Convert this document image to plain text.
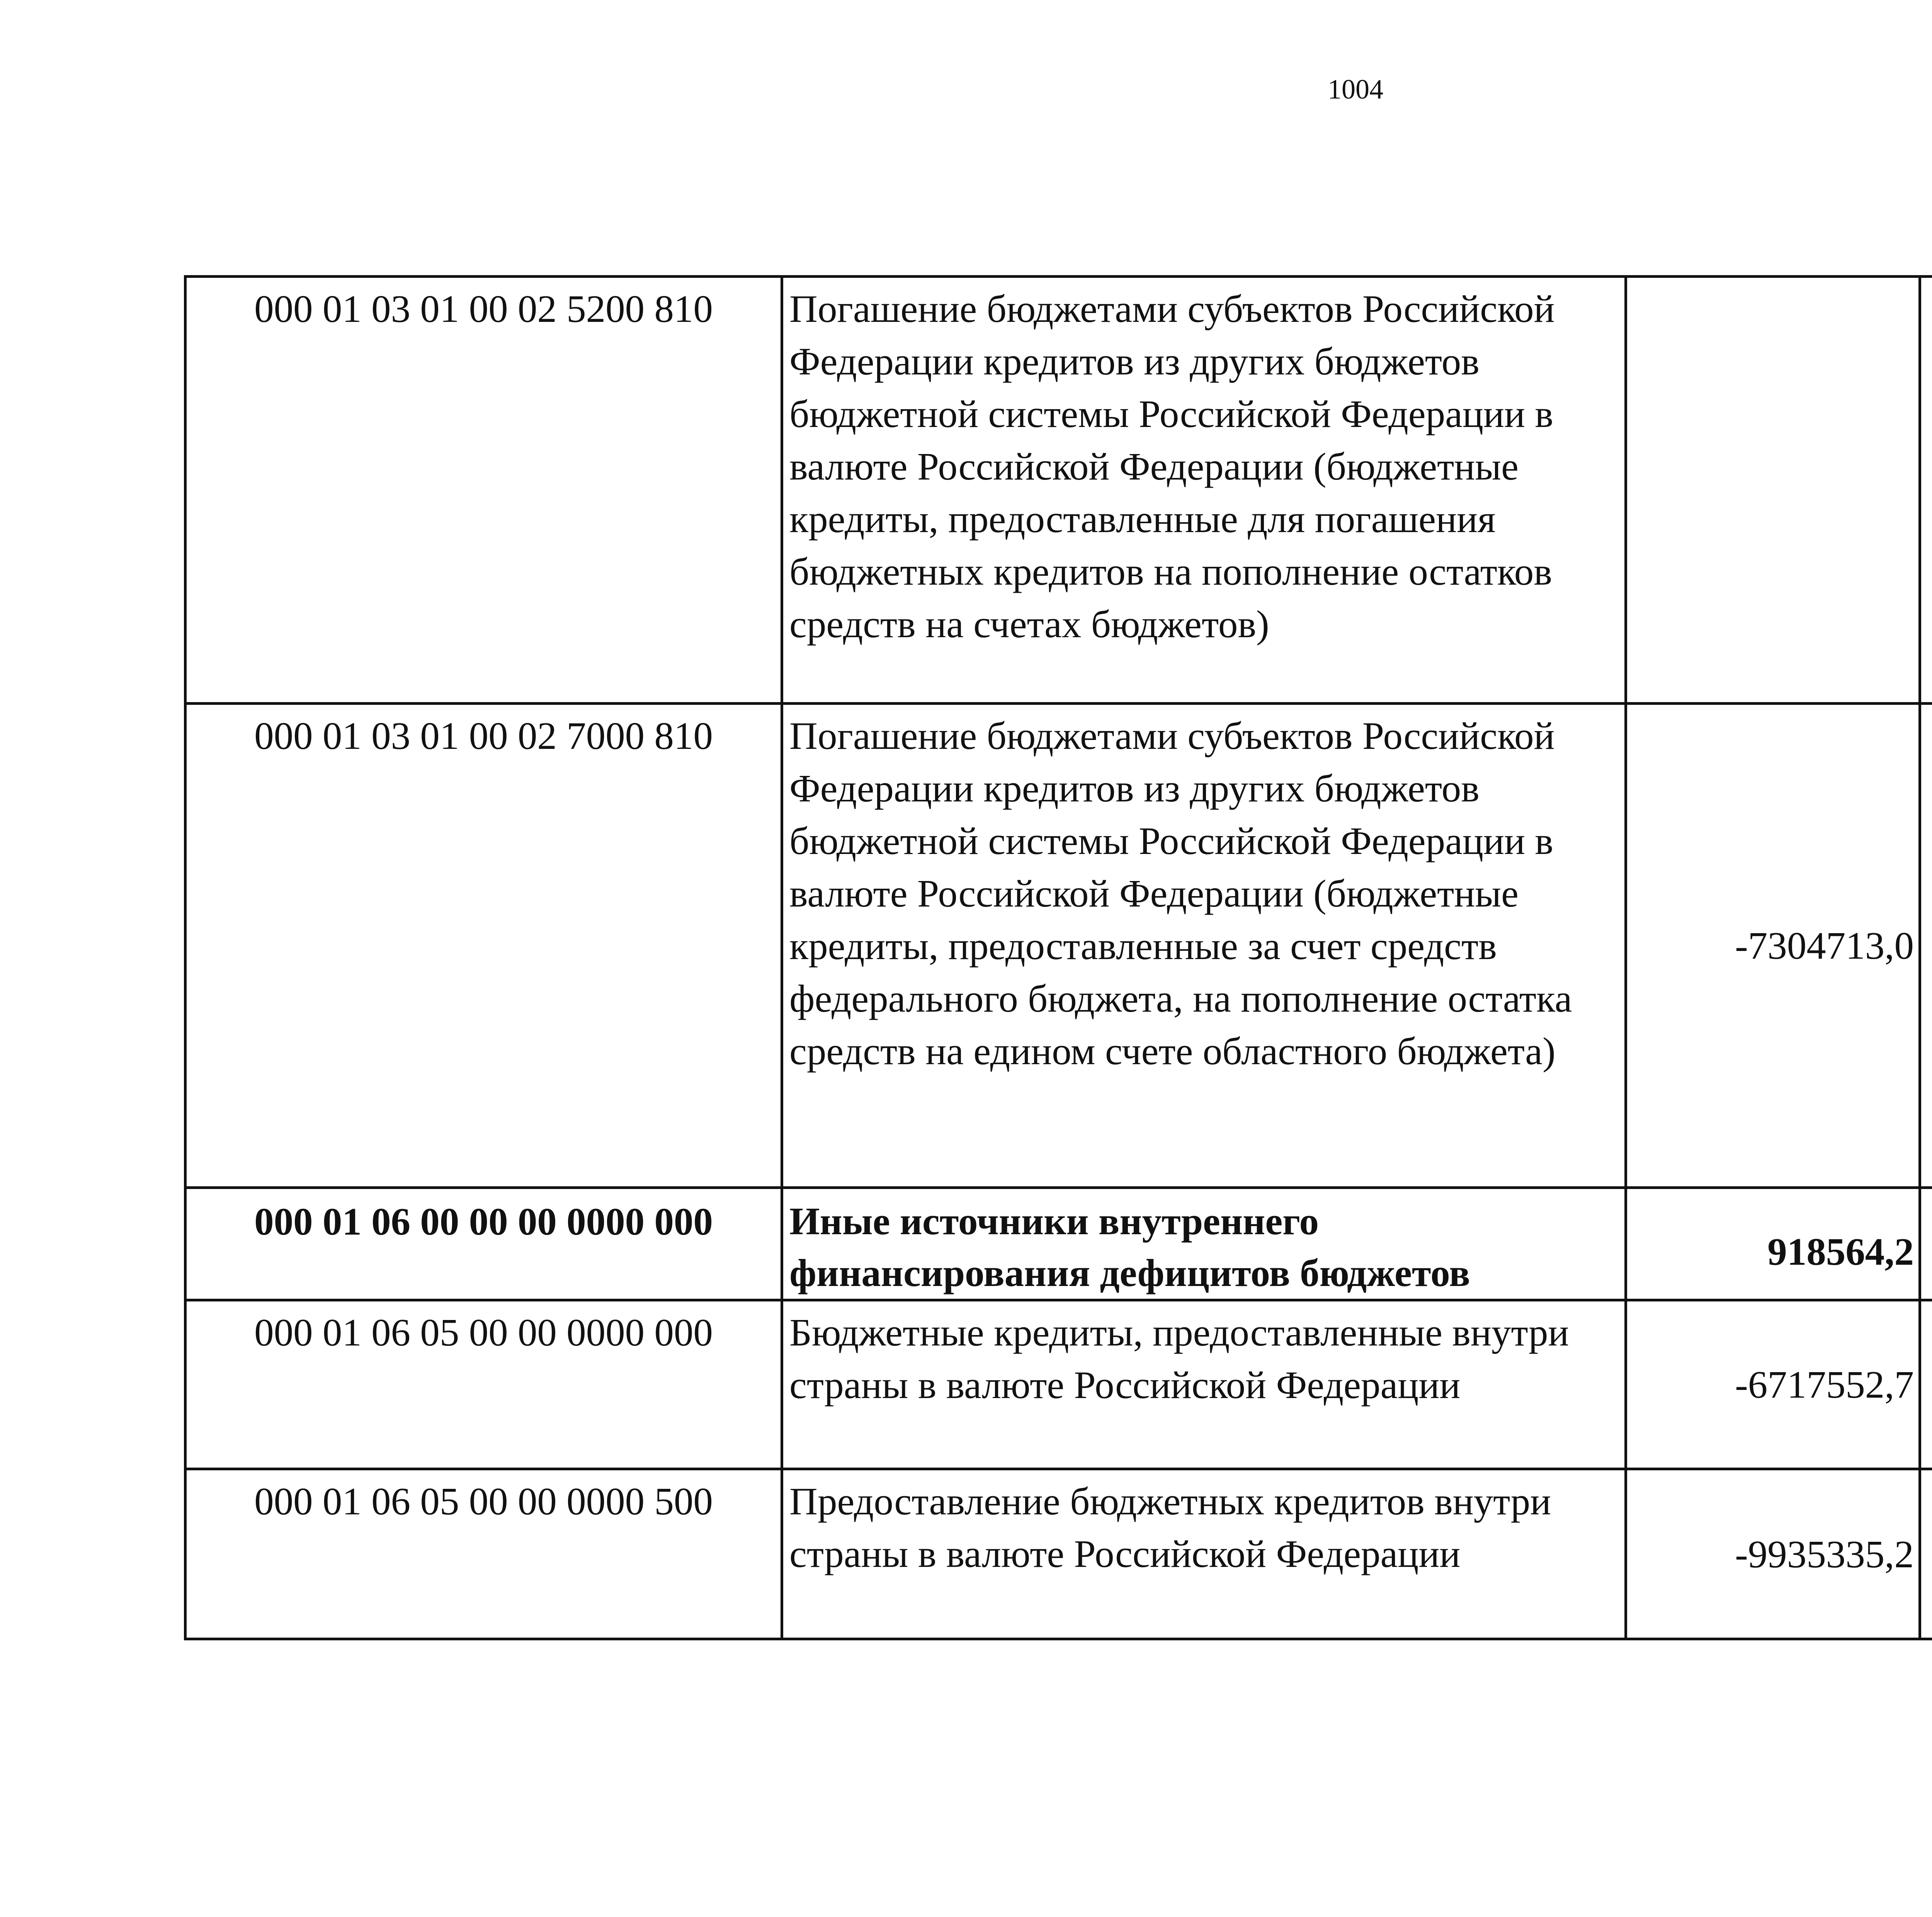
1004
000 01 03 01 00 02 5200 810	Погашение бюджетами субъектов Российской Федерации кредитов из других бюджетов бюджетной системы Российской Федерации в валюте Российской Федерации (бюджетные кредиты, предоставленные для погашения бюджетных кредитов на пополнение остатков средств на счетах бюджетов)			
000 01 03 01 00 02 7000 810	Погашение бюджетами субъектов Российской Федерации кредитов из других бюджетов бюджетной системы Российской Федерации в валюте Российской Федерации (бюджетные кредиты, предоставленные за счет средств федерального бюджета, на пополнение остатка средств на едином счете областного бюджета)	-7304713,0		
000 01 06 00 00 00 0000 000	Иные источники внутреннего финансирования дефицитов бюджетов	918564,2		
000 01 06 05 00 00 0000 000	Бюджетные кредиты, предоставленные внутри страны в валюте Российской Федерации	-6717552,7		
000 01 06 05 00 00 0000 500	Предоставление бюджетных кредитов внутри страны в валюте Российской Федерации	-9935335,2		
